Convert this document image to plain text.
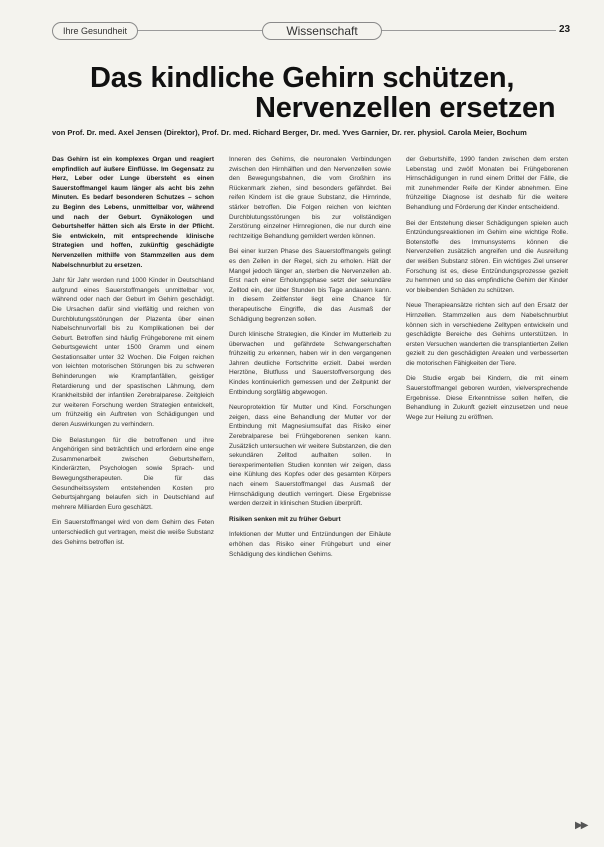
Ihre Gesundheit	Wissenschaft	23
Das kindliche Gehirn schützen,
Nervenzellen ersetzen
von Prof. Dr. med. Axel Jensen (Direktor), Prof. Dr. med. Richard Berger, Dr. med. Yves Garnier, Dr. rer. physiol. Carola Meier, Bochum

Das Gehirn ist ein komplexes Organ und reagiert empfindlich auf äußere Einflüsse. Im Gegensatz zu Herz, Leber oder Lunge übersteht es einen Sauerstoffmangel kaum länger als acht bis zehn Minuten. Es bedarf besonderen Schutzes – schon zu Beginn des Lebens, unmittelbar vor, während und nach der Geburt. Gynäkologen und Geburtshelfer hätten sich als Erste in der Pflicht. Sie entwickeln, mit entsprechende klinische Strategien und hoffen, zukünftig geschädigte Nervenzellen mithilfe von Stammzellen aus dem Nabelschnurblut zu ersetzen.

Jahr für Jahr werden rund 1000 Kinder in Deutschland aufgrund eines Sauerstoffmangels unmittelbar vor, während oder nach der Geburt im Gehirn geschädigt. Die Ursachen dafür sind vielfältig und reichen von Durchblutungsstörungen der Plazenta über einen Nabelschnurvorfall bis zu Komplikationen bei der Geburt. Betroffen sind häufig Frühgeborene mit einem Geburtsgewicht unter 1500 Gramm und einem Gestationsalter unter 32 Wochen. Die Folgen reichen von leichten motorischen Störungen bis zu schweren Behinderungen wie Krampfanfällen, geistiger Retardierung und der spastischen Lähmung, dem Krankheitsbild der infantilen Zerebralparese. Zeitgleich zur weiteren Forschung werden Strategien entwickelt, um frühzeitig ein Auftreten von Schädigungen und deren Auswirkungen zu verhindern.

Die Belastungen für die betroffenen und ihre Angehörigen sind beträchtlich und erfordern eine enge Zusammenarbeit zwischen Geburtshelfern, Kinderärzten, Psychologen sowie Sprach- und Bewegungstherapeuten. Die für das Gesundheitssystem entstehenden Kosten pro Geburtsjahrgang belaufen sich in Deutschland auf mehrere Milliarden Euro geschätzt.

Ein Sauerstoffmangel wird von dem Gehirn des Feten unterschiedlich gut vertragen, meist die weiße Substanz des Gehirns betroffen ist.

Inneren des Gehirns, die neuronalen Verbindungen zwischen den Hirnhälften und den Nervenzellen sowie den Bewegungsbahnen, die vom Großhirn ins Rückenmark ziehen, sind besonders gefährdet. Bei reifen Kindern ist die graue Substanz, die Hirnrinde, stärker betroffen. Die Folgen reichen von leichten Durchblutungsstörungen bis zur vollständigen Zerstörung einzelner Hirnregionen, die nur durch eine rechtzeitige Behandlung gemildert werden können.

Bei einer kurzen Phase des Sauerstoffmangels gelingt es den Zellen in der Regel, sich zu erholen. Hält der Mangel jedoch länger an, sterben die Nervenzellen ab. Erst nach einer Erholungsphase setzt der sekundäre Zelltod ein, der über Stunden bis Tage andauern kann. In diesem Zeitfenster liegt eine Chance für therapeutische Eingriffe, die das Ausmaß der Schädigung begrenzen sollen.

Durch klinische Strategien, die Kinder im Mutterleib zu überwachen und gefährdete Schwangerschaften frühzeitig zu erkennen, haben wir in den vergangenen Jahren deutliche Fortschritte erzielt. Dabei werden Herztöne, Blutfluss und Sauerstoffversorgung des Kindes kontinuierlich gemessen und der Zeitpunkt der Entbindung sorgfältig abgewogen.

Neuroprotektion für Mutter und Kind. Forschungen zeigen, dass eine Behandlung der Mutter vor der Entbindung mit Magnesiumsulfat das Risiko einer Zerebralparese bei Frühgeborenen senken kann. Zusätzlich untersuchen wir weitere Substanzen, die den sekundären Zelltod aufhalten sollen. In tierexperimentellen Studien konnten wir zeigen, dass eine Kühlung des Kopfes oder des gesamten Körpers nach einem Sauerstoffmangel das Ausmaß der Hirnschädigung deutlich verringert. Diese Ergebnisse werden derzeit in klinischen Studien überprüft.

Risiken senken mit zu früher Geburt

Infektionen der Mutter und Entzündungen der Eihäute erhöhen das Risiko einer Frühgeburt und einer Schädigung des kindlichen Gehirns.

der Geburtshilfe, 1990 fanden zwischen dem ersten Lebenstag und zwölf Monaten bei Frühgeborenen Hirnschädigungen in rund einem Drittel der Fälle, die mit zunehmender Reife der Kinder abnehmen. Eine frühzeitige Diagnose ist deshalb für die weitere Behandlung und Förderung der Kinder entscheidend.

Bei der Entstehung dieser Schädigungen spielen auch Entzündungsreaktionen im Gehirn eine wichtige Rolle. Botenstoffe des Immunsystems können die Nervenzellen zusätzlich angreifen und die Ausreifung der weißen Substanz stören. Ein wichtiges Ziel unserer Forschung ist es, diese Entzündungsprozesse gezielt zu hemmen und so das empfindliche Gehirn der Kinder vor bleibenden Schäden zu schützen.

Neue Therapieansätze richten sich auf den Ersatz der Hirnzellen. Stammzellen aus dem Nabelschnurblut können sich in verschiedene Zelltypen entwickeln und geschädigte Bereiche des Gehirns unterstützen. In ersten Versuchen wanderten die transplantierten Zellen gezielt zu den geschädigten Arealen und verbesserten die motorischen Fähigkeiten der Tiere.

Die Studie ergab bei Kindern, die mit einem Sauerstoffmangel geboren wurden, vielversprechende Ergebnisse. Diese Erkenntnisse sollen helfen, die Behandlung in Zukunft gezielt einzusetzen und neue Wege zur Heilung zu eröffnen.

▶▶
